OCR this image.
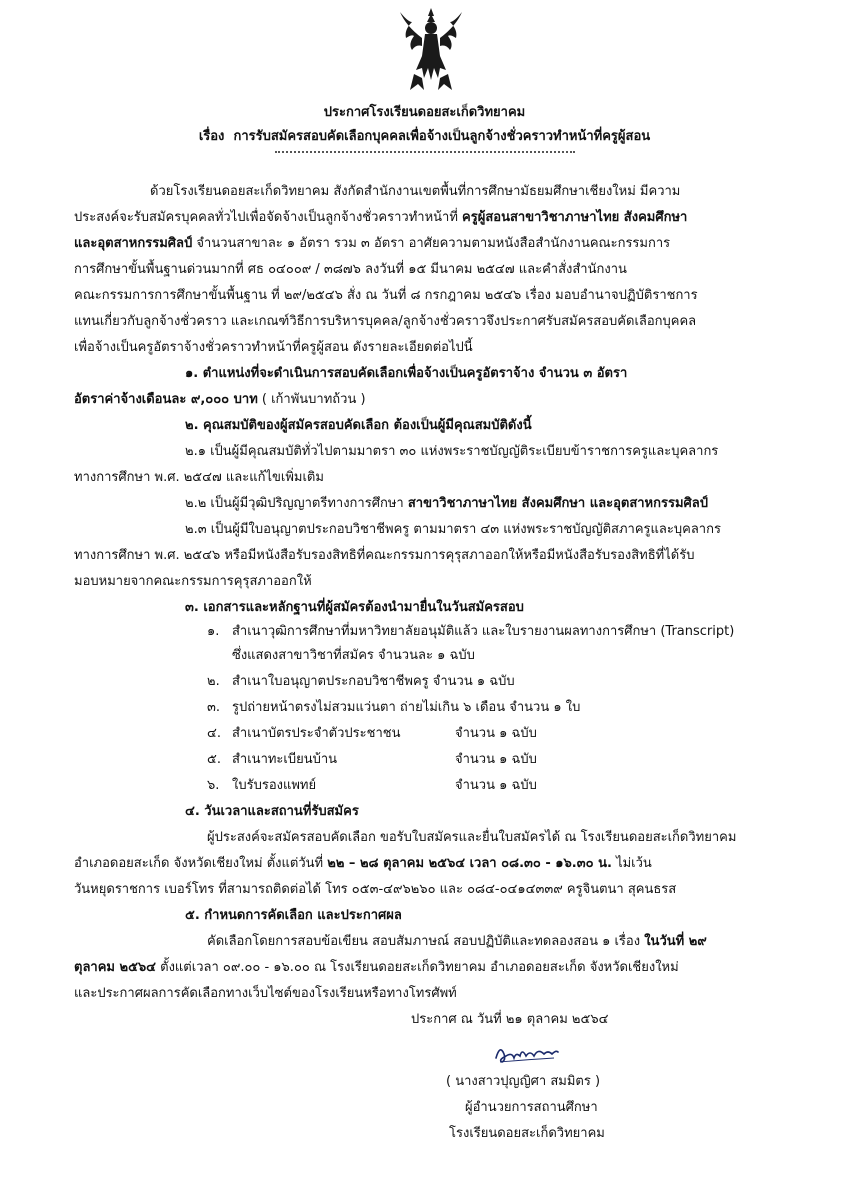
ประกาศโรงเรียนดอยสะเก็ดวิทยาคม
เรื่อง การรับสมัครสอบคัดเลือกบุคคลเพื่อจ้างเป็นลูกจ้างชั่วคราวทำหน้าที่ครูผู้สอน
ด้วยโรงเรียนดอยสะเก็ดวิทยาคม สังกัดสำนักงานเขตพื้นที่การศึกษามัธยมศึกษาเชียงใหม่ มีความ
ประสงค์จะรับสมัครบุคคลทั่วไปเพื่อจัดจ้างเป็นลูกจ้างชั่วคราวทำหน้าที่ ครูผู้สอนสาขาวิชาภาษาไทย สังคมศึกษา
และอุตสาหกรรมศิลป์ จำนวนสาขาละ ๑ อัตรา รวม ๓ อัตรา อาศัยความตามหนังสือสำนักงานคณะกรรมการ
การศึกษาขั้นพื้นฐานด่วนมากที่ ศธ ๐๔๐๐๙ / ๓๘๗๖ ลงวันที่ ๑๕ มีนาคม ๒๕๔๗ และคำสั่งสำนักงาน
คณะกรรมการการศึกษาขั้นพื้นฐาน ที่ ๒๙/๒๕๔๖ สั่ง ณ วันที่ ๘ กรกฎาคม ๒๕๔๖ เรื่อง มอบอำนาจปฏิบัติราชการ
แทนเกี่ยวกับลูกจ้างชั่วคราว และเกณฑ์วิธีการบริหารบุคคล/ลูกจ้างชั่วคราวจึงประกาศรับสมัครสอบคัดเลือกบุคคล
เพื่อจ้างเป็นครูอัตราจ้างชั่วคราวทำหน้าที่ครูผู้สอน ดังรายละเอียดต่อไปนี้
๑. ตำแหน่งที่จะดำเนินการสอบคัดเลือกเพื่อจ้างเป็นครูอัตราจ้าง จำนวน ๓ อัตรา
อัตราค่าจ้างเดือนละ ๙,๐๐๐ บาท ( เก้าพันบาทถ้วน )
๒. คุณสมบัติของผู้สมัครสอบคัดเลือก ต้องเป็นผู้มีคุณสมบัติดังนี้
๒.๑ เป็นผู้มีคุณสมบัติทั่วไปตามมาตรา ๓๐ แห่งพระราชบัญญัติระเบียบข้าราชการครูและบุคลากร
ทางการศึกษา พ.ศ. ๒๕๔๗ และแก้ไขเพิ่มเติม
๒.๒ เป็นผู้มีวุฒิปริญญาตรีทางการศึกษา สาขาวิชาภาษาไทย สังคมศึกษา และอุตสาหกรรมศิลป์
๒.๓ เป็นผู้มีใบอนุญาตประกอบวิชาชีพครู ตามมาตรา ๔๓ แห่งพระราชบัญญัติสภาครูและบุคลากร
ทางการศึกษา พ.ศ. ๒๕๔๖ หรือมีหนังสือรับรองสิทธิที่คณะกรรมการคุรุสภาออกให้หรือมีหนังสือรับรองสิทธิที่ได้รับ
มอบหมายจากคณะกรรมการคุรุสภาออกให้
๓. เอกสารและหลักฐานที่ผู้สมัครต้องนำมายื่นในวันสมัครสอบ
๑. สำเนาวุฒิการศึกษาที่มหาวิทยาลัยอนุมัติแล้ว และใบรายงานผลทางการศึกษา (Transcript)
ซึ่งแสดงสาขาวิชาที่สมัคร จำนวนละ ๑ ฉบับ
๒. สำเนาใบอนุญาตประกอบวิชาชีพครู จำนวน ๑ ฉบับ
๓. รูปถ่ายหน้าตรงไม่สวมแว่นตา ถ่ายไม่เกิน ๖ เดือน จำนวน ๑ ใบ
๔. สำเนาบัตรประจำตัวประชาชน	จำนวน ๑ ฉบับ
๕. สำเนาทะเบียนบ้าน	จำนวน ๑ ฉบับ
๖. ใบรับรองแพทย์	จำนวน ๑ ฉบับ
๔. วันเวลาและสถานที่รับสมัคร
ผู้ประสงค์จะสมัครสอบคัดเลือก ขอรับใบสมัครและยื่นใบสมัครได้ ณ โรงเรียนดอยสะเก็ดวิทยาคม
อำเภอดอยสะเก็ด จังหวัดเชียงใหม่ ตั้งแต่วันที่ ๒๒ – ๒๘ ตุลาคม ๒๕๖๔ เวลา ๐๘.๓๐ - ๑๖.๓๐ น. ไม่เว้น
วันหยุดราชการ เบอร์โทร ที่สามารถติดต่อได้ โทร ๐๕๓-๔๙๖๒๖๐ และ ๐๘๔-๐๔๑๔๓๓๙ ครูจินตนา สุคนธรส
๕. กำหนดการคัดเลือก และประกาศผล
คัดเลือกโดยการสอบข้อเขียน สอบสัมภาษณ์ สอบปฏิบัติและทดลองสอน ๑ เรื่อง ในวันที่ ๒๙
ตุลาคม ๒๕๖๔ ตั้งแต่เวลา ๐๙.๐๐ - ๑๖.๐๐ ณ โรงเรียนดอยสะเก็ดวิทยาคม อำเภอดอยสะเก็ด จังหวัดเชียงใหม่
และประกาศผลการคัดเลือกทางเว็บไซต์ของโรงเรียนหรือทางโทรศัพท์
ประกาศ ณ วันที่ ๒๑ ตุลาคม ๒๕๖๔
( นางสาวปุญญิศา สมมิตร )
ผู้อำนวยการสถานศึกษา
โรงเรียนดอยสะเก็ดวิทยาคม
